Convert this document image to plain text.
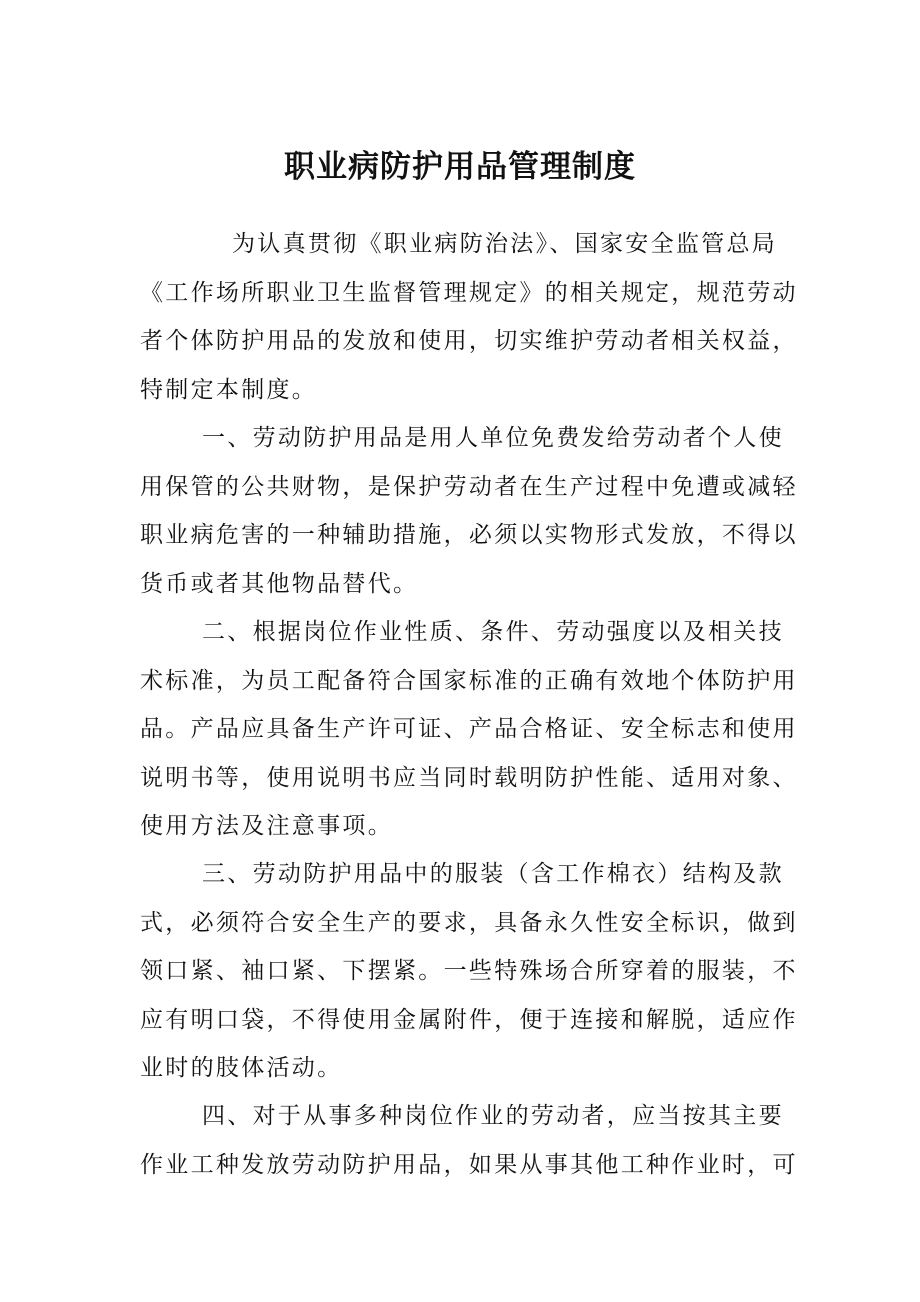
职业病防护用品管理制度
为认真贯彻《职业病防治法》、国家安全监管总局
《工作场所职业卫生监督管理规定》的相关规定，规范劳动
者个体防护用品的发放和使用，切实维护劳动者相关权益，
特制定本制度。
一、劳动防护用品是用人单位免费发给劳动者个人使
用保管的公共财物，是保护劳动者在生产过程中免遭或减轻
职业病危害的一种辅助措施，必须以实物形式发放，不得以
货币或者其他物品替代。
二、根据岗位作业性质、条件、劳动强度以及相关技
术标准，为员工配备符合国家标准的正确有效地个体防护用
品。产品应具备生产许可证、产品合格证、安全标志和使用
说明书等，使用说明书应当同时载明防护性能、适用对象、
使用方法及注意事项。
三、劳动防护用品中的服装（含工作棉衣）结构及款
式，必须符合安全生产的要求，具备永久性安全标识，做到
领口紧、袖口紧、下摆紧。一些特殊场合所穿着的服装，不
应有明口袋，不得使用金属附件，便于连接和解脱，适应作
业时的肢体活动。
四、对于从事多种岗位作业的劳动者，应当按其主要
作业工种发放劳动防护用品，如果从事其他工种作业时，可
